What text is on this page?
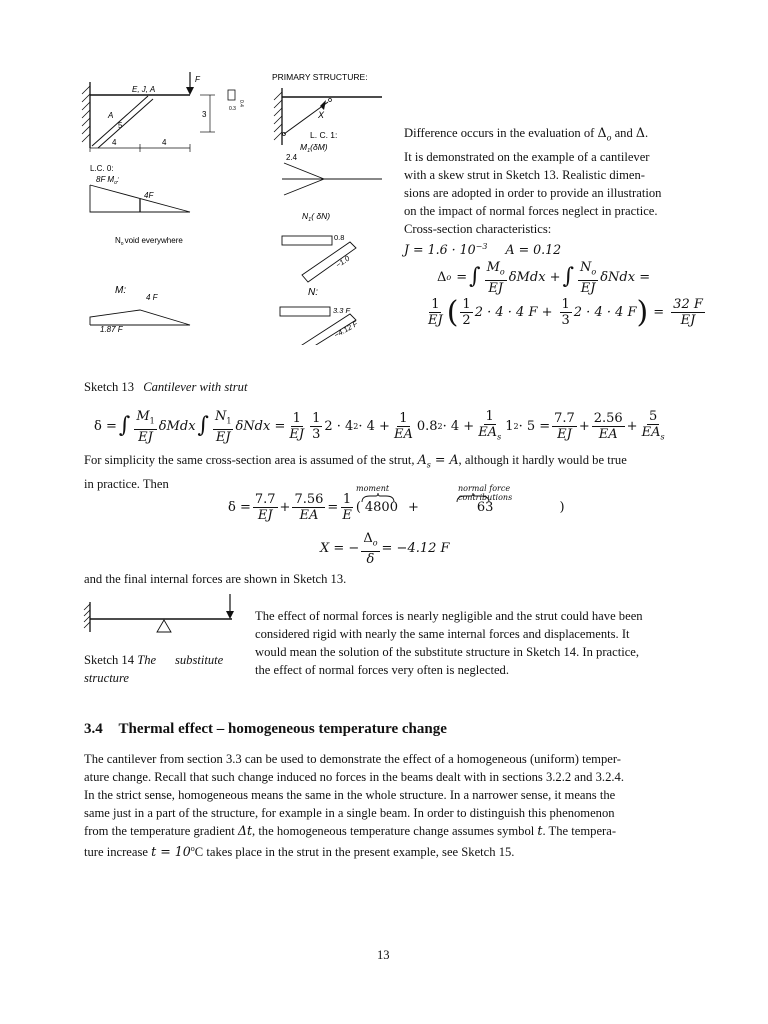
E, J, A
F
A
5
4	4
3
0.4
0.3
L.C. 0:
8F $M_o$:
4F
$N_ovoid$ everywhere
M:
4 F
1.87 F
PRIMARY STRUCTURE:
X
L. C. 1:
$M_1(\delta M)$
2.4
$N_1$( δN)
0.8
−1.0
N:
3.3 F
−4.12 F
Difference occurs in the evaluation of $\Delta_o$ and Δ.
It is demonstrated on the example of a cantilever
with a skew strut in Sketch 13. Realistic dimen-
sions are adopted in order to provide an illustration
on the impact of normal forces neglect in practice.
Cross-section characteristics:
$J = 1.6 \cdot 10^{-3}$ A = 0.12
Δ o = ∫ $\frac{M_o}{EJ}$ δMdx + ∫ $\frac{N_o}{EJ}$ δNdx =
$\frac{1}{EJ}$ ( $\frac{1}{2} 2 \cdot 4 \cdot 4$ $F + \frac{1}{3} 2 \cdot 4 \cdot 4$ F ) = $\frac{32 F}{EJ}$
Sketch 13 Cantilever with strut
δ = ∫ $\frac{M_1}{EJ}$ δMdx ∫ $\frac{N_1}{EJ}$ $\delta Ndx = \frac{1}{EJ} \frac{1}{3} 2 \cdot 4$ $2 \cdot 4 + \frac{1}{EA} 0.8$ $2 \cdot 4 + \frac{1}{EA_s} 1$ $2 \cdot 5 = \frac{7.7}{EJ} + \frac{2.56}{EA} + \frac{5}{EA_s}$
For simplicity the same cross-section area is assumed of the strut, $A_s = A$, although it hardly would be true
in practice. Then	moment	normal force contributions
$\delta = \frac{7.7}{EJ} + \frac{7.56}{EA} = \frac{1}{E}$ ( 4800 +	63	)
X = − $\frac{\Delta_o}{\delta} = -4.12$ F
and the final internal forces are shown in Sketch 13.
Sketch 14 The      substitute
structure
The effect of normal forces is nearly negligible and the strut could have been
considered rigid with nearly the same internal forces and displacements. It
would mean the solution of the substitute structure in Sketch 14. In practice,
the effect of normal forces very often is neglected.
3.4 Thermal effect – homogeneous temperature change
The cantilever from section 3.3 can be used to demonstrate the effect of a homogeneous (uniform) temper-
ature change. Recall that such change induced no forces in the beams dealt with in sections 3.2.2 and 3.2.4.
In the strict sense, homogeneous means the same in the whole structure. In a narrower sense, it means the
same just in a part of the structure, for example in a single beam. In order to distinguish this phenomenon
from the temperature gradient Δt, the homogeneous temperature change assumes symbol t. The tempera-
ture increase $t = 10^oC$ takes place in the strut in the present example, see Sketch 15.
13
